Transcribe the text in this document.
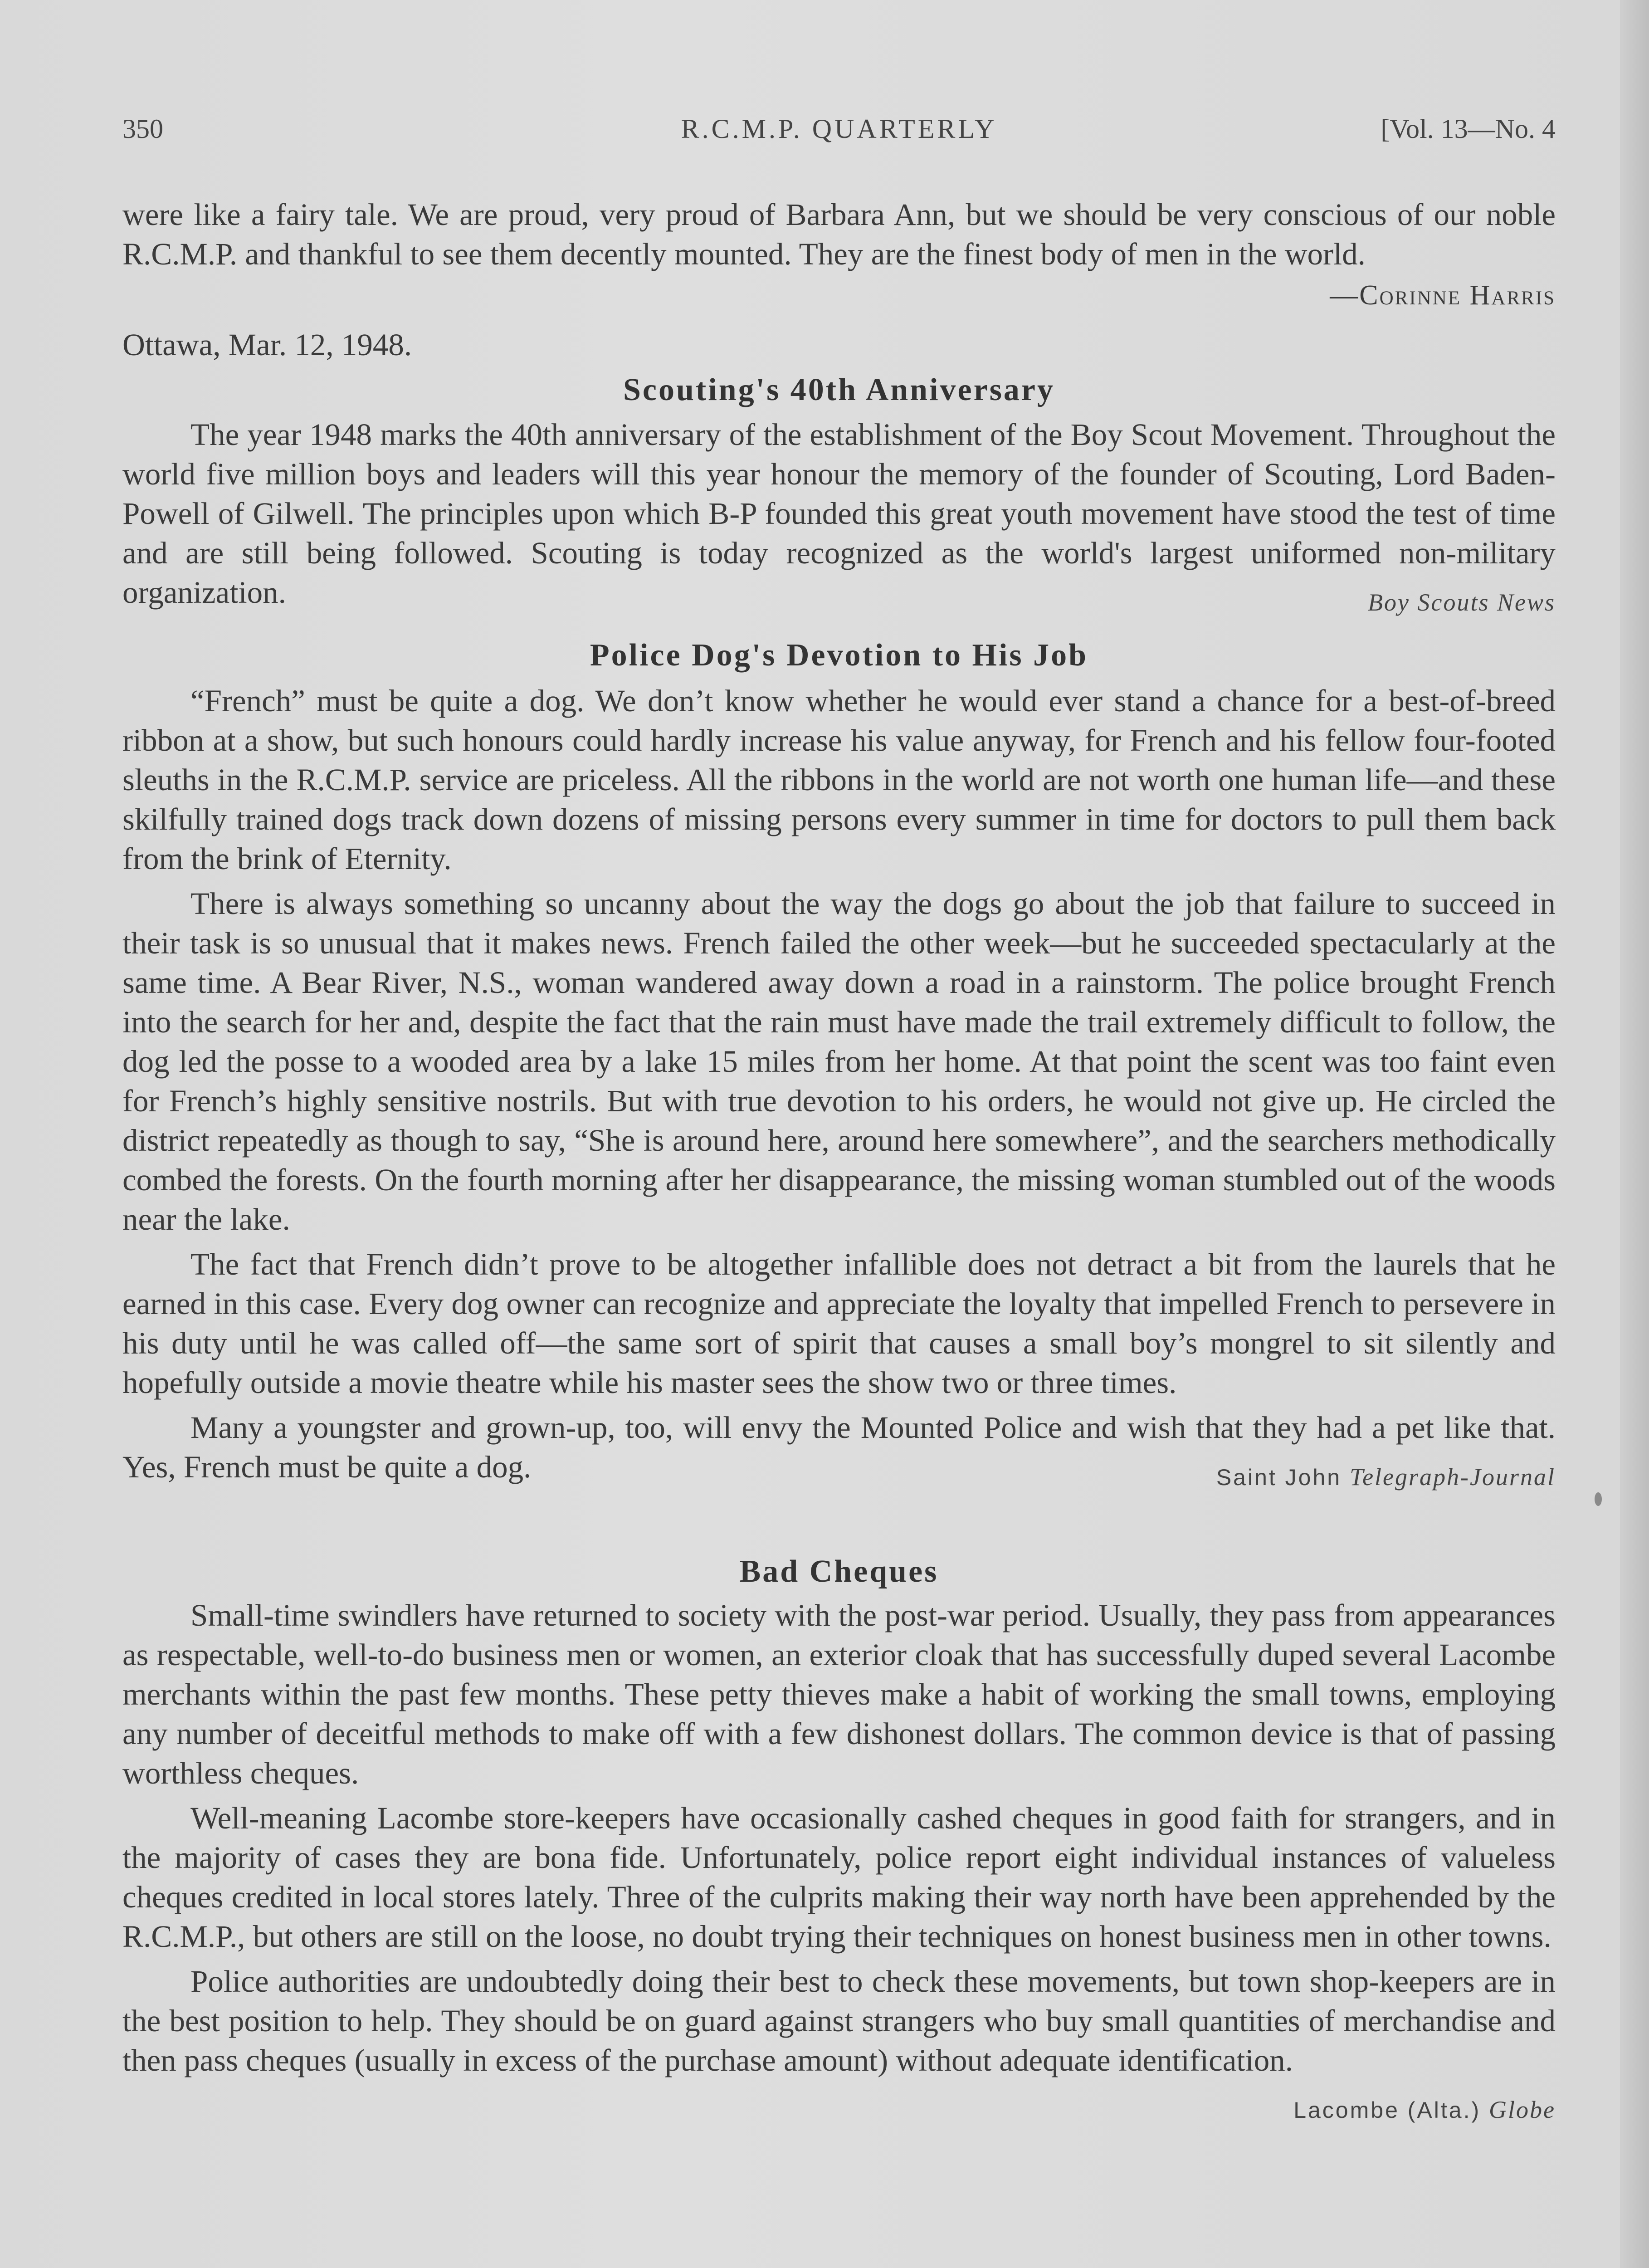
350	R.C.M.P. QUARTERLY	[Vol. 13—No. 4

were like a fairy tale. We are proud, very proud of Barbara Ann, but we should be very conscious of our noble R.C.M.P. and thankful to see them decently mounted. They are the finest body of men in the world.

—Corinne Harris

Ottawa, Mar. 12, 1948.

Scouting's 40th Anniversary

The year 1948 marks the 40th anniversary of the establishment of the Boy Scout Movement. Throughout the world five million boys and leaders will this year honour the memory of the founder of Scouting, Lord Baden-Powell of Gilwell. The principles upon which B-P founded this great youth movement have stood the test of time and are still being followed. Scouting is today recognized as the world's largest uniformed non-military organization.	Boy Scouts News

Police Dog's Devotion to His Job

“French” must be quite a dog. We don’t know whether he would ever stand a chance for a best-of-breed ribbon at a show, but such honours could hardly increase his value anyway, for French and his fellow four-footed sleuths in the R.C.M.P. service are priceless. All the ribbons in the world are not worth one human life—and these skilfully trained dogs track down dozens of missing persons every summer in time for doctors to pull them back from the brink of Eternity.

There is always something so uncanny about the way the dogs go about the job that failure to succeed in their task is so unusual that it makes news. French failed the other week—but he succeeded spectacularly at the same time. A Bear River, N.S., woman wandered away down a road in a rainstorm. The police brought French into the search for her and, despite the fact that the rain must have made the trail extremely difficult to follow, the dog led the posse to a wooded area by a lake 15 miles from her home. At that point the scent was too faint even for French’s highly sensitive nostrils. But with true devotion to his orders, he would not give up. He circled the district repeatedly as though to say, “She is around here, around here somewhere”, and the searchers methodically combed the forests. On the fourth morning after her disappearance, the missing woman stumbled out of the woods near the lake.

The fact that French didn’t prove to be altogether infallible does not detract a bit from the laurels that he earned in this case. Every dog owner can recognize and appreciate the loyalty that impelled French to persevere in his duty until he was called off—the same sort of spirit that causes a small boy’s mongrel to sit silently and hopefully outside a movie theatre while his master sees the show two or three times.

Many a youngster and grown-up, too, will envy the Mounted Police and wish that they had a pet like that. Yes, French must be quite a dog.	Saint John Telegraph-Journal

Bad Cheques

Small-time swindlers have returned to society with the post-war period. Usually, they pass from appearances as respectable, well-to-do business men or women, an exterior cloak that has successfully duped several Lacombe merchants within the past few months. These petty thieves make a habit of working the small towns, employing any number of deceitful methods to make off with a few dishonest dollars. The common device is that of passing worthless cheques.

Well-meaning Lacombe store-keepers have occasionally cashed cheques in good faith for strangers, and in the majority of cases they are bona fide. Unfortunately, police report eight individual instances of valueless cheques credited in local stores lately. Three of the culprits making their way north have been apprehended by the R.C.M.P., but others are still on the loose, no doubt trying their techniques on honest business men in other towns.

Police authorities are undoubtedly doing their best to check these movements, but town shop-keepers are in the best position to help. They should be on guard against strangers who buy small quantities of merchandise and then pass cheques (usually in excess of the purchase amount) without adequate identification.
Lacombe (Alta.) Globe
